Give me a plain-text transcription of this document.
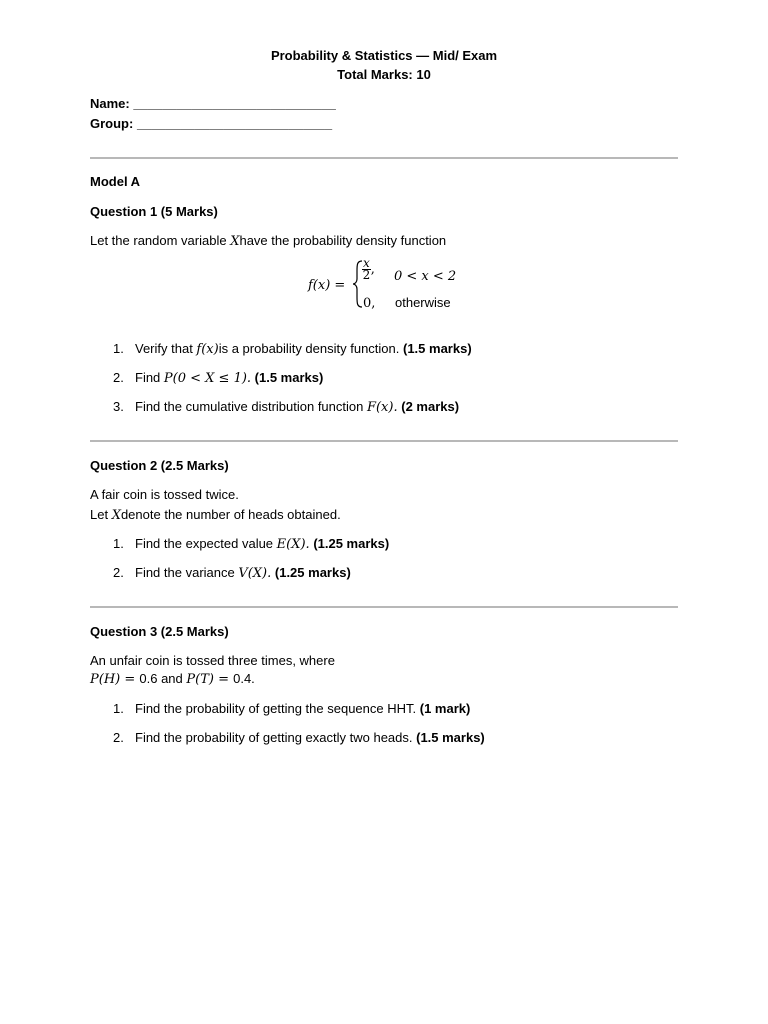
Probability & Statistics — Mid/ Exam
Total Marks: 10
Name: ____________________________
Group: ___________________________
Model A
Question 1 (5 Marks)
Let the random variable Xhave the probability density function
f(x) =
$\frac{x}{2}$ , 0 < x < 2
0, otherwise
1. Verify that f(x)is a probability density function. (1.5 marks)
2. Find P(0 < X ≤ 1). (1.5 marks)
3. Find the cumulative distribution function F(x). (2 marks)
Question 2 (2.5 Marks)
A fair coin is tossed twice.
Let Xdenote the number of heads obtained.
1. Find the expected value E(X). (1.25 marks)
2. Find the variance V(X). (1.25 marks)
Question 3 (2.5 Marks)
An unfair coin is tossed three times, where
P(H) = 0.6 and P(T) = 0.4.
1. Find the probability of getting the sequence HHT. (1 mark)
2. Find the probability of getting exactly two heads. (1.5 marks)
